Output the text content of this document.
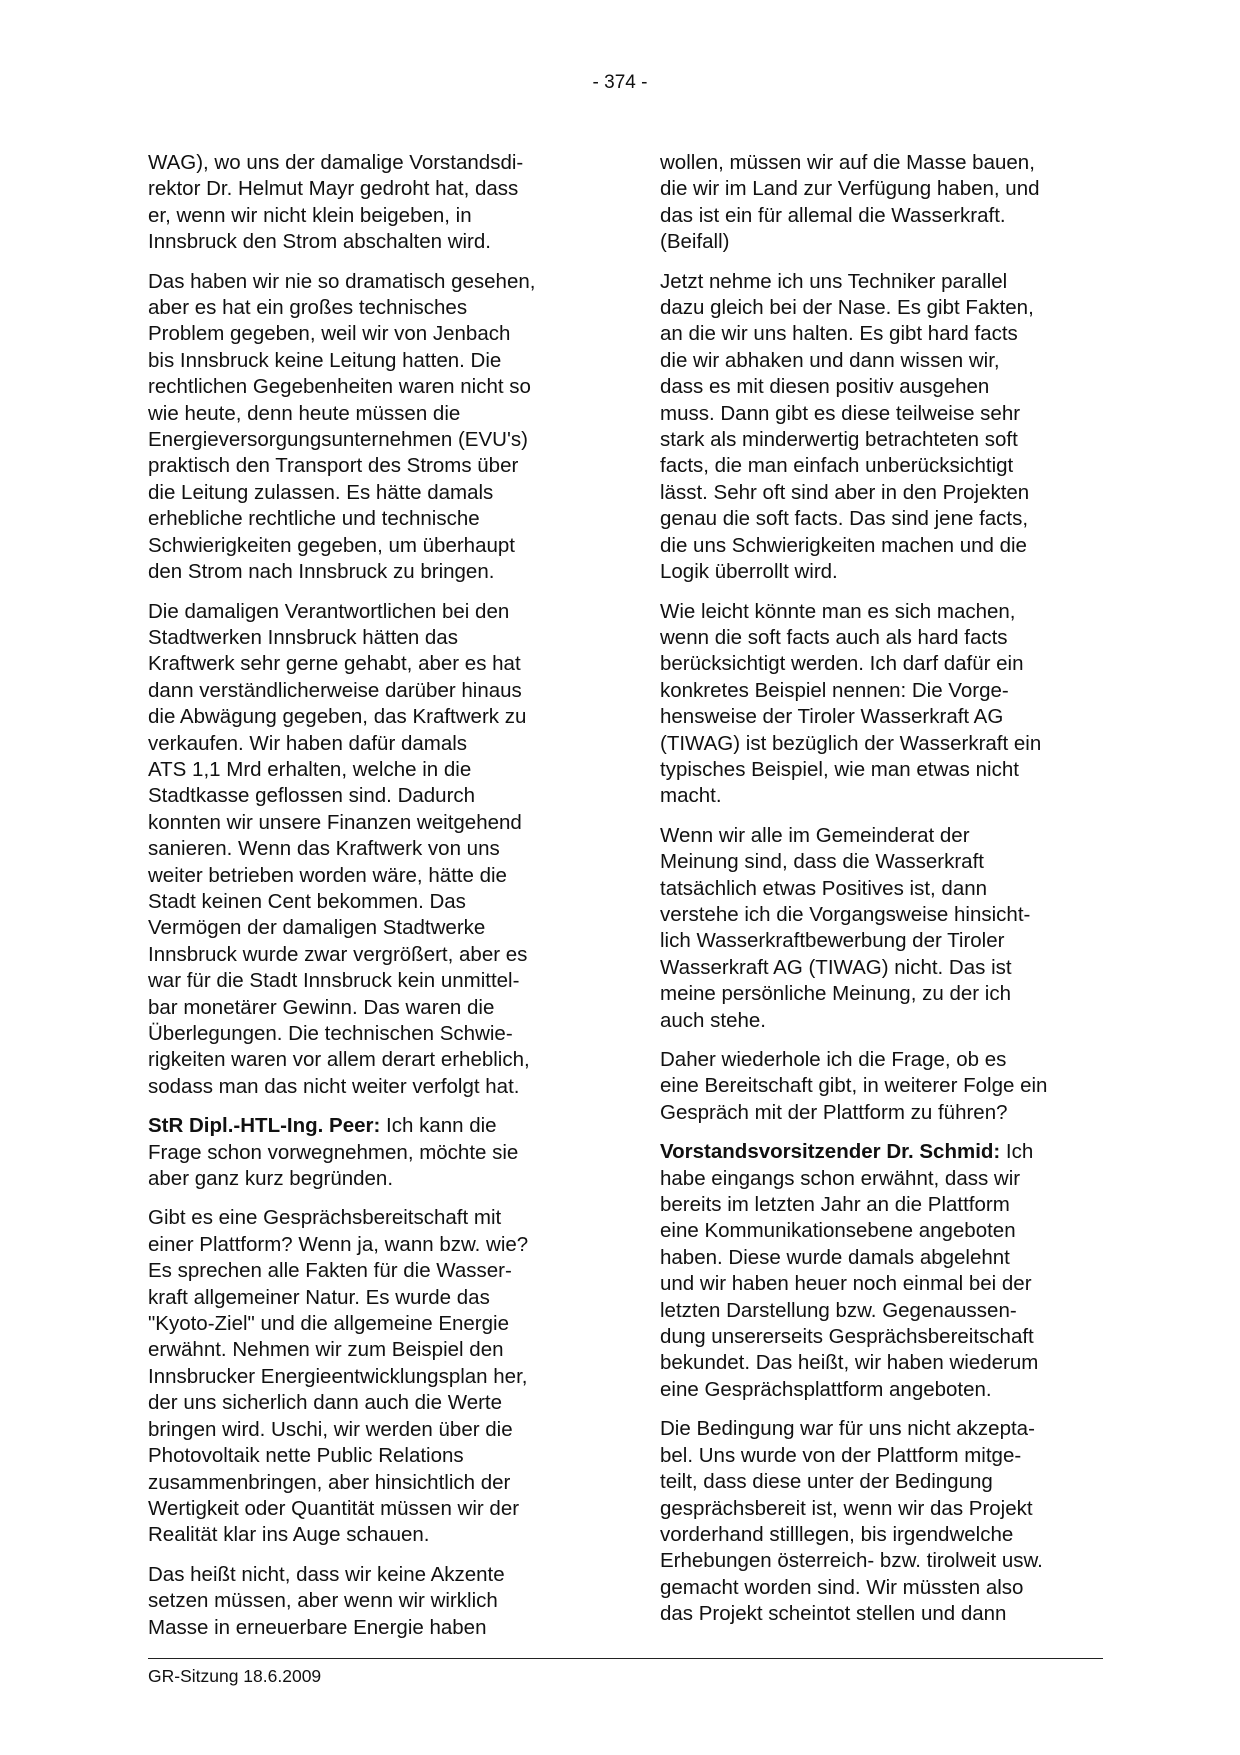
- 374 -

WAG), wo uns der damalige Vorstandsdi-
rektor Dr. Helmut Mayr gedroht hat, dass
er, wenn wir nicht klein beigeben, in
Innsbruck den Strom abschalten wird.

Das haben wir nie so dramatisch gesehen,
aber es hat ein großes technisches
Problem gegeben, weil wir von Jenbach
bis Innsbruck keine Leitung hatten. Die
rechtlichen Gegebenheiten waren nicht so
wie heute, denn heute müssen die
Energieversorgungsunternehmen (EVU's)
praktisch den Transport des Stroms über
die Leitung zulassen. Es hätte damals
erhebliche rechtliche und technische
Schwierigkeiten gegeben, um überhaupt
den Strom nach Innsbruck zu bringen.

Die damaligen Verantwortlichen bei den
Stadtwerken Innsbruck hätten das
Kraftwerk sehr gerne gehabt, aber es hat
dann verständlicherweise darüber hinaus
die Abwägung gegeben, das Kraftwerk zu
verkaufen. Wir haben dafür damals
ATS 1,1 Mrd erhalten, welche in die
Stadtkasse geflossen sind. Dadurch
konnten wir unsere Finanzen weitgehend
sanieren. Wenn das Kraftwerk von uns
weiter betrieben worden wäre, hätte die
Stadt keinen Cent bekommen. Das
Vermögen der damaligen Stadtwerke
Innsbruck wurde zwar vergrößert, aber es
war für die Stadt Innsbruck kein unmittel-
bar monetärer Gewinn. Das waren die
Überlegungen. Die technischen Schwie-
rigkeiten waren vor allem derart erheblich,
sodass man das nicht weiter verfolgt hat.

StR Dipl.-HTL-Ing. Peer: Ich kann die
Frage schon vorwegnehmen, möchte sie
aber ganz kurz begründen.

Gibt es eine Gesprächsbereitschaft mit
einer Plattform? Wenn ja, wann bzw. wie?
Es sprechen alle Fakten für die Wasser-
kraft allgemeiner Natur. Es wurde das
"Kyoto-Ziel" und die allgemeine Energie
erwähnt. Nehmen wir zum Beispiel den
Innsbrucker Energieentwicklungsplan her,
der uns sicherlich dann auch die Werte
bringen wird. Uschi, wir werden über die
Photovoltaik nette Public Relations
zusammenbringen, aber hinsichtlich der
Wertigkeit oder Quantität müssen wir der
Realität klar ins Auge schauen.

Das heißt nicht, dass wir keine Akzente
setzen müssen, aber wenn wir wirklich
Masse in erneuerbare Energie haben

wollen, müssen wir auf die Masse bauen,
die wir im Land zur Verfügung haben, und
das ist ein für allemal die Wasserkraft.
(Beifall)

Jetzt nehme ich uns Techniker parallel
dazu gleich bei der Nase. Es gibt Fakten,
an die wir uns halten. Es gibt hard facts
die wir abhaken und dann wissen wir,
dass es mit diesen positiv ausgehen
muss. Dann gibt es diese teilweise sehr
stark als minderwertig betrachteten soft
facts, die man einfach unberücksichtigt
lässt. Sehr oft sind aber in den Projekten
genau die soft facts. Das sind jene facts,
die uns Schwierigkeiten machen und die
Logik überrollt wird.

Wie leicht könnte man es sich machen,
wenn die soft facts auch als hard facts
berücksichtigt werden. Ich darf dafür ein
konkretes Beispiel nennen: Die Vorge-
hensweise der Tiroler Wasserkraft AG
(TIWAG) ist bezüglich der Wasserkraft ein
typisches Beispiel, wie man etwas nicht
macht.

Wenn wir alle im Gemeinderat der
Meinung sind, dass die Wasserkraft
tatsächlich etwas Positives ist, dann
verstehe ich die Vorgangsweise hinsicht-
lich Wasserkraftbewerbung der Tiroler
Wasserkraft AG (TIWAG) nicht. Das ist
meine persönliche Meinung, zu der ich
auch stehe.

Daher wiederhole ich die Frage, ob es
eine Bereitschaft gibt, in weiterer Folge ein
Gespräch mit der Plattform zu führen?

Vorstandsvorsitzender Dr. Schmid: Ich
habe eingangs schon erwähnt, dass wir
bereits im letzten Jahr an die Plattform
eine Kommunikationsebene angeboten
haben. Diese wurde damals abgelehnt
und wir haben heuer noch einmal bei der
letzten Darstellung bzw. Gegenaussen-
dung unsererseits Gesprächsbereitschaft
bekundet. Das heißt, wir haben wiederum
eine Gesprächsplattform angeboten.

Die Bedingung war für uns nicht akzepta-
bel. Uns wurde von der Plattform mitge-
teilt, dass diese unter der Bedingung
gesprächsbereit ist, wenn wir das Projekt
vorderhand stilllegen, bis irgendwelche
Erhebungen österreich- bzw. tirolweit usw.
gemacht worden sind. Wir müssten also
das Projekt scheintot stellen und dann

GR-Sitzung 18.6.2009
